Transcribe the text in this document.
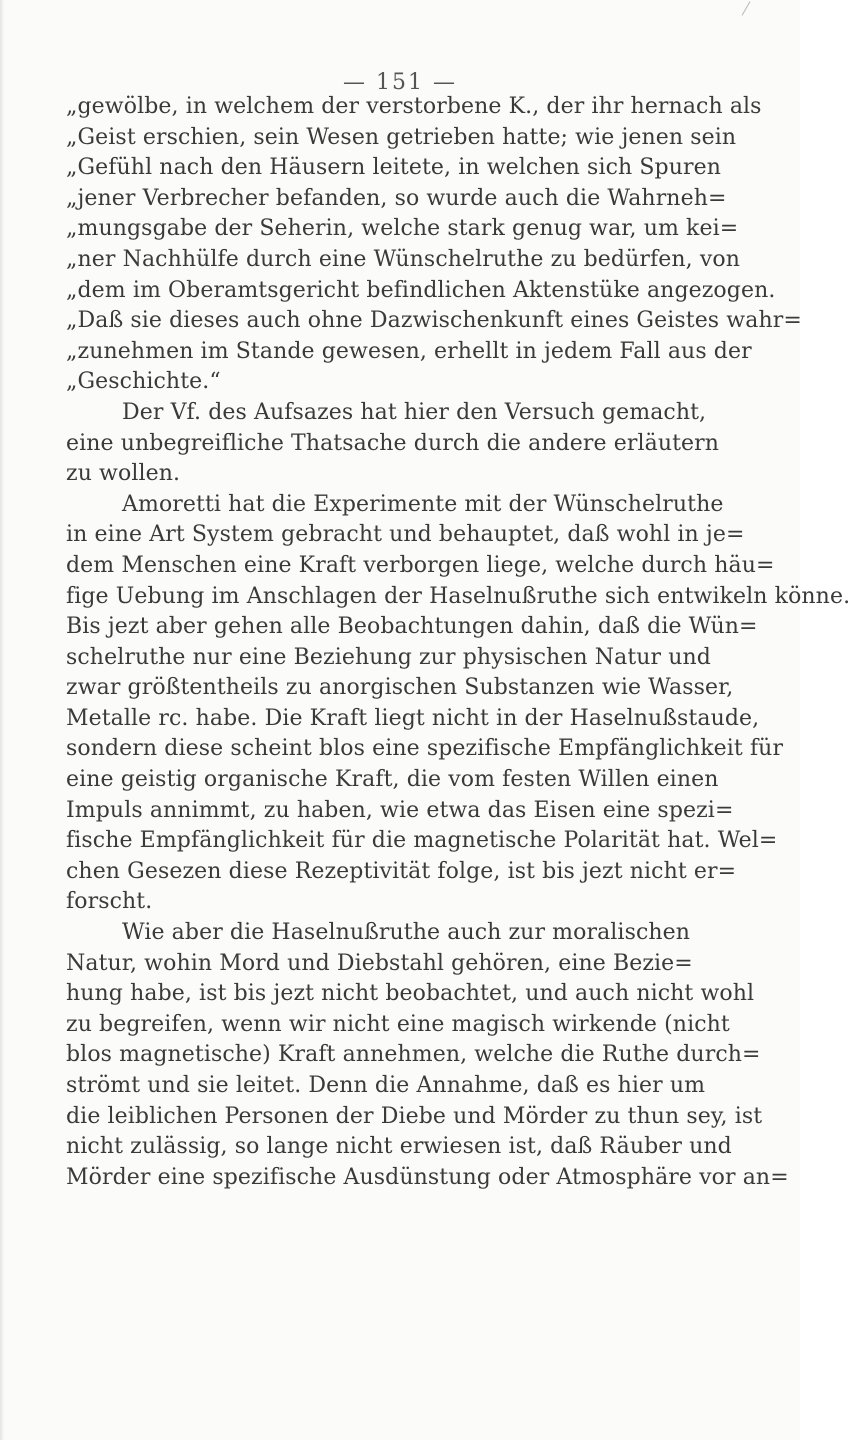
— 151 —
„gewölbe, in welchem der verstorbene K., der ihr hernach als
„Geist erschien, sein Wesen getrieben hatte; wie jenen sein
„Gefühl nach den Häusern leitete, in welchen sich Spuren
„jener Verbrecher befanden, so wurde auch die Wahrneh=
„mungsgabe der Seherin, welche stark genug war, um kei=
„ner Nachhülfe durch eine Wünschelruthe zu bedürfen, von
„dem im Oberamtsgericht befindlichen Aktenstüke angezogen.
„Daß sie dieses auch ohne Dazwischenkunft eines Geistes wahr=
„zunehmen im Stande gewesen, erhellt in jedem Fall aus der
„Geschichte.“
Der Vf. des Aufsazes hat hier den Versuch gemacht,
eine unbegreifliche Thatsache durch die andere erläutern
zu wollen.
Amoretti hat die Experimente mit der Wünschelruthe
in eine Art System gebracht und behauptet, daß wohl in je=
dem Menschen eine Kraft verborgen liege, welche durch häu=
fige Uebung im Anschlagen der Haselnußruthe sich entwikeln könne.
Bis jezt aber gehen alle Beobachtungen dahin, daß die Wün=
schelruthe nur eine Beziehung zur physischen Natur und
zwar größtentheils zu anorgischen Substanzen wie Wasser,
Metalle rc. habe. Die Kraft liegt nicht in der Haselnußstaude,
sondern diese scheint blos eine spezifische Empfänglichkeit für
eine geistig organische Kraft, die vom festen Willen einen
Impuls annimmt, zu haben, wie etwa das Eisen eine spezi=
fische Empfänglichkeit für die magnetische Polarität hat. Wel=
chen Gesezen diese Rezeptivität folge, ist bis jezt nicht er=
forscht.
Wie aber die Haselnußruthe auch zur moralischen
Natur, wohin Mord und Diebstahl gehören, eine Bezie=
hung habe, ist bis jezt nicht beobachtet, und auch nicht wohl
zu begreifen, wenn wir nicht eine magisch wirkende (nicht
blos magnetische) Kraft annehmen, welche die Ruthe durch=
strömt und sie leitet. Denn die Annahme, daß es hier um
die leiblichen Personen der Diebe und Mörder zu thun sey, ist
nicht zulässig, so lange nicht erwiesen ist, daß Räuber und
Mörder eine spezifische Ausdünstung oder Atmosphäre vor an=
